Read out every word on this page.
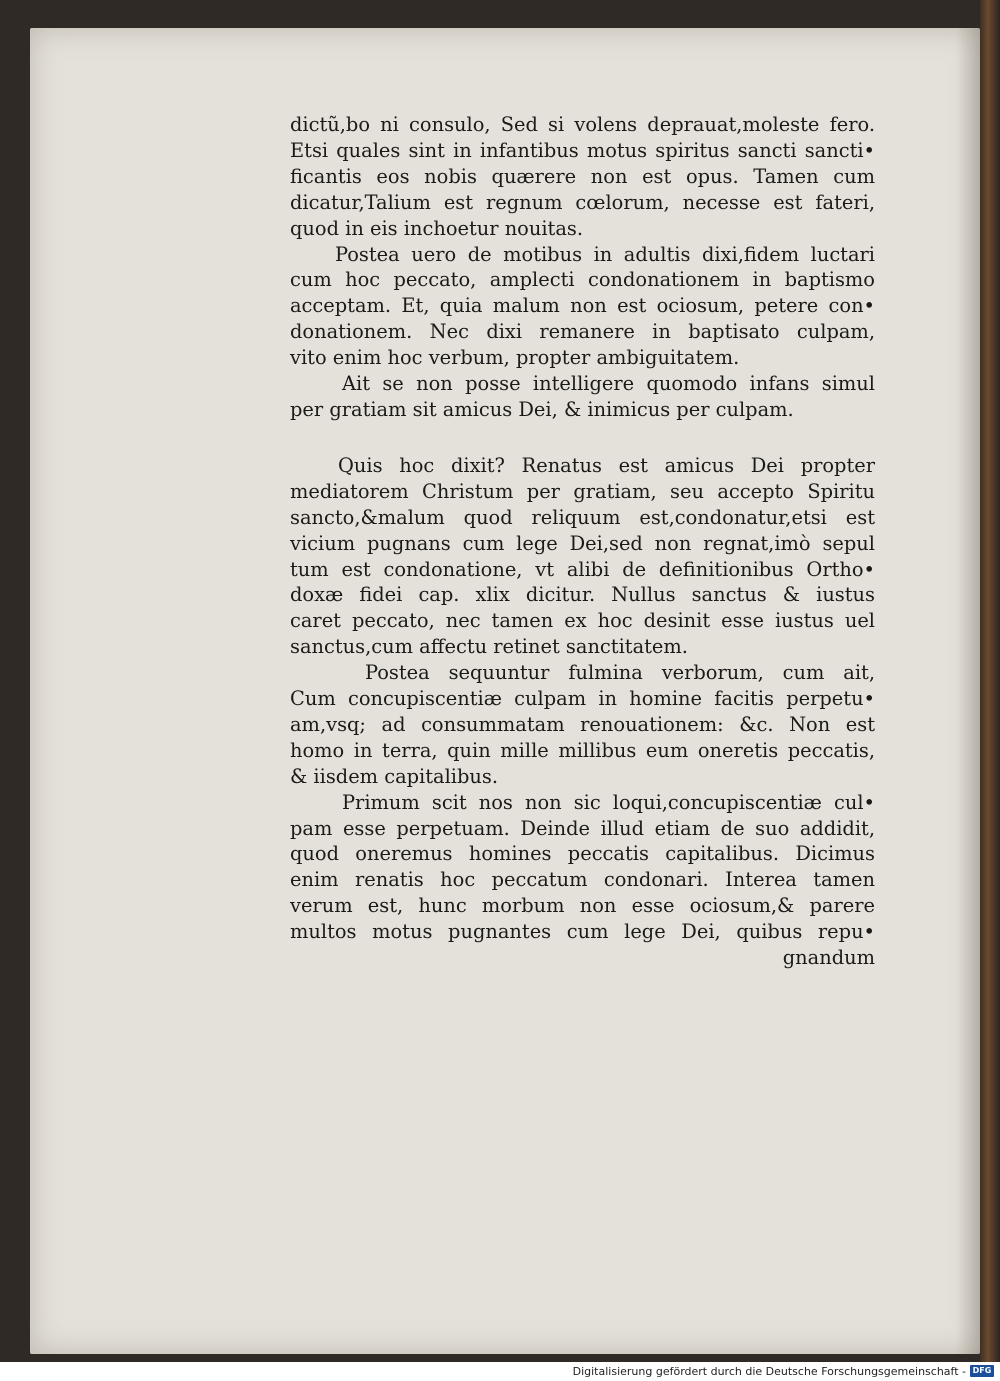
dictũ,bo ni consulo, Sed si volens deprauat,moleste fero.
Etsi quales sint in infantibus motus spiritus sancti sancti•
ficantis eos nobis quærere non est opus. Tamen cum
dicatur,Talium est regnum cœlorum, necesse est fateri,
quod in eis inchoetur nouitas.
Postea uero de motibus in adultis dixi,fidem luctari
cum hoc peccato, amplecti condonationem in baptismo
acceptam. Et, quia malum non est ociosum, petere con•
donationem. Nec dixi remanere in baptisato culpam,
vito enim hoc verbum, propter ambiguitatem.
Ait se non posse intelligere quomodo infans simul
per gratiam sit amicus Dei, & inimicus per culpam.
Quis hoc dixit? Renatus est amicus Dei propter
mediatorem Christum per gratiam, seu accepto Spiritu
sancto,&malum quod reliquum est,condonatur,etsi est
vicium pugnans cum lege Dei,sed non regnat,imò sepul
tum est condonatione, vt alibi de definitionibus Ortho•
doxæ fidei cap. xlix dicitur. Nullus sanctus & iustus
caret peccato, nec tamen ex hoc desinit esse iustus uel
sanctus,cum affectu retinet sanctitatem.
Postea sequuntur fulmina verborum, cum ait,
Cum concupiscentiæ culpam in homine facitis perpetu•
am,vsq; ad consummatam renouationem: &c. Non est
homo in terra, quin mille millibus eum oneretis peccatis,
& iisdem capitalibus.
Primum scit nos non sic loqui,concupiscentiæ cul•
pam esse perpetuam. Deinde illud etiam de suo addidit,
quod oneremus homines peccatis capitalibus. Dicimus
enim renatis hoc peccatum condonari. Interea tamen
verum est, hunc morbum non esse ociosum,& parere
multos motus pugnantes cum lege Dei, quibus repu•
gnandum
Digitalisierung gefördert durch die Deutsche Forschungsgemeinschaft - DFG
